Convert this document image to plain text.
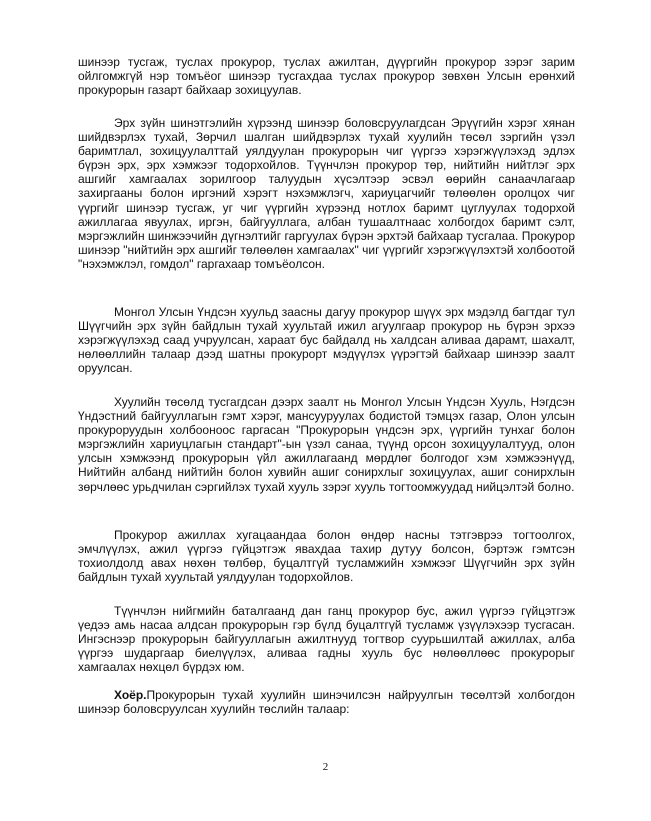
шинээр тусгаж, туслах прокурор, туслах ажилтан, дүүргийн прокурор зэрэг зарим ойлгомжгүй нэр томъёог шинээр тусгахдаа туслах прокурор зөвхөн Улсын ерөнхий прокурорын газарт байхаар зохицуулав.

Эрх зүйн шинэтгэлийн хүрээнд шинээр боловсруулагдсан Эрүүгийн хэрэг хянан шийдвэрлэх тухай, Зөрчил шалган шийдвэрлэх тухай хуулийн төсөл зэргийн үзэл баримтлал, зохицуулалттай уялдуулан прокурорын чиг үүргээ хэрэгжүүлэхэд эдлэх бүрэн эрх, эрх хэмжээг тодорхойлов. Түүнчлэн прокурор төр, нийтийн нийтлэг эрх ашгийг хамгаалах зорилгоор талуудын хүсэлтээр эсвэл өөрийн санаачлагаар захиргааны болон иргэний хэрэгт нэхэмжлэгч, хариуцагчийг төлөөлөн оролцох чиг үүргийг шинээр тусгаж, уг чиг үүргийн хүрээнд нотлох баримт цуглуулах тодорхой ажиллагаа явуулах, иргэн, байгууллага, албан тушаалтнаас холбогдох баримт сэлт, мэргэжлийн шинжээчийн дүгнэлтийг гаргуулах бүрэн эрхтэй байхаар тусгалаа. Прокурор шинээр "нийтийн эрх ашгийг төлөөлөн хамгаалах" чиг үүргийг хэрэгжүүлэхтэй холбоотой "нэхэмжлэл, гомдол" гаргахаар томъёолсон.

Монгол Улсын Үндсэн хуульд заасны дагуу прокурор шүүх эрх мэдэлд багтдаг тул Шүүгчийн эрх зүйн байдлын тухай хуультай ижил агуулгаар прокурор нь бүрэн эрхээ хэрэгжүүлэхэд саад учруулсан, хараат бус байдалд нь халдсан аливаа дарамт, шахалт, нөлөөллийн талаар дээд шатны прокурорт мэдүүлэх үүрэгтэй байхаар шинээр заалт оруулсан.

Хуулийн төсөлд тусгагдсан дээрх заалт нь Монгол Улсын Үндсэн Хууль, Нэгдсэн Үндэстний байгууллагын гэмт хэрэг, мансууруулах бодистой тэмцэх газар, Олон улсын прокуроруудын холбооноос гаргасан "Прокурорын үндсэн эрх, үүргийн тунхаг болон мэргэжлийн хариуцлагын стандарт"-ын үзэл санаа, түүнд орсон зохицуулалтууд, олон улсын хэмжээнд прокурорын үйл ажиллагаанд мөрдлөг болгодог хэм хэмжээнүүд, Нийтийн албанд нийтийн болон хувийн ашиг сонирхлыг зохицуулах, ашиг сонирхлын зөрчлөөс урьдчилан сэргийлэх тухай хууль зэрэг хууль тогтоомжуудад нийцэлтэй болно.

Прокурор ажиллах хугацаандаа болон өндөр насны тэтгэврээ тогтоолгох, эмчлүүлэх, ажил үүргээ гүйцэтгэж явахдаа тахир дутуу болсон, бэртэж гэмтсэн тохиолдолд авах нөхөн төлбөр, буцалтгүй тусламжийн хэмжээг Шүүгчийн эрх зүйн байдлын тухай хуультай уялдуулан тодорхойлов.

Түүнчлэн нийгмийн баталгаанд дан ганц прокурор бус, ажил үүргээ гүйцэтгэж үедээ амь насаа алдсан прокурорын гэр бүлд буцалтгүй тусламж үзүүлэхээр тусгасан. Ингэснээр прокурорын байгууллагын ажилтнууд тогтвор суурьшилтай ажиллах, алба үүргээ шударгаар биелүүлэх, аливаа гадны хууль бус нөлөөллөөс прокурорыг хамгаалах нөхцөл бүрдэх юм.

Хоёр.Прокурорын тухай хуулийн шинэчилсэн найруулгын төсөлтэй холбогдон шинээр боловсруулсан хуулийн төслийн талаар:

2
